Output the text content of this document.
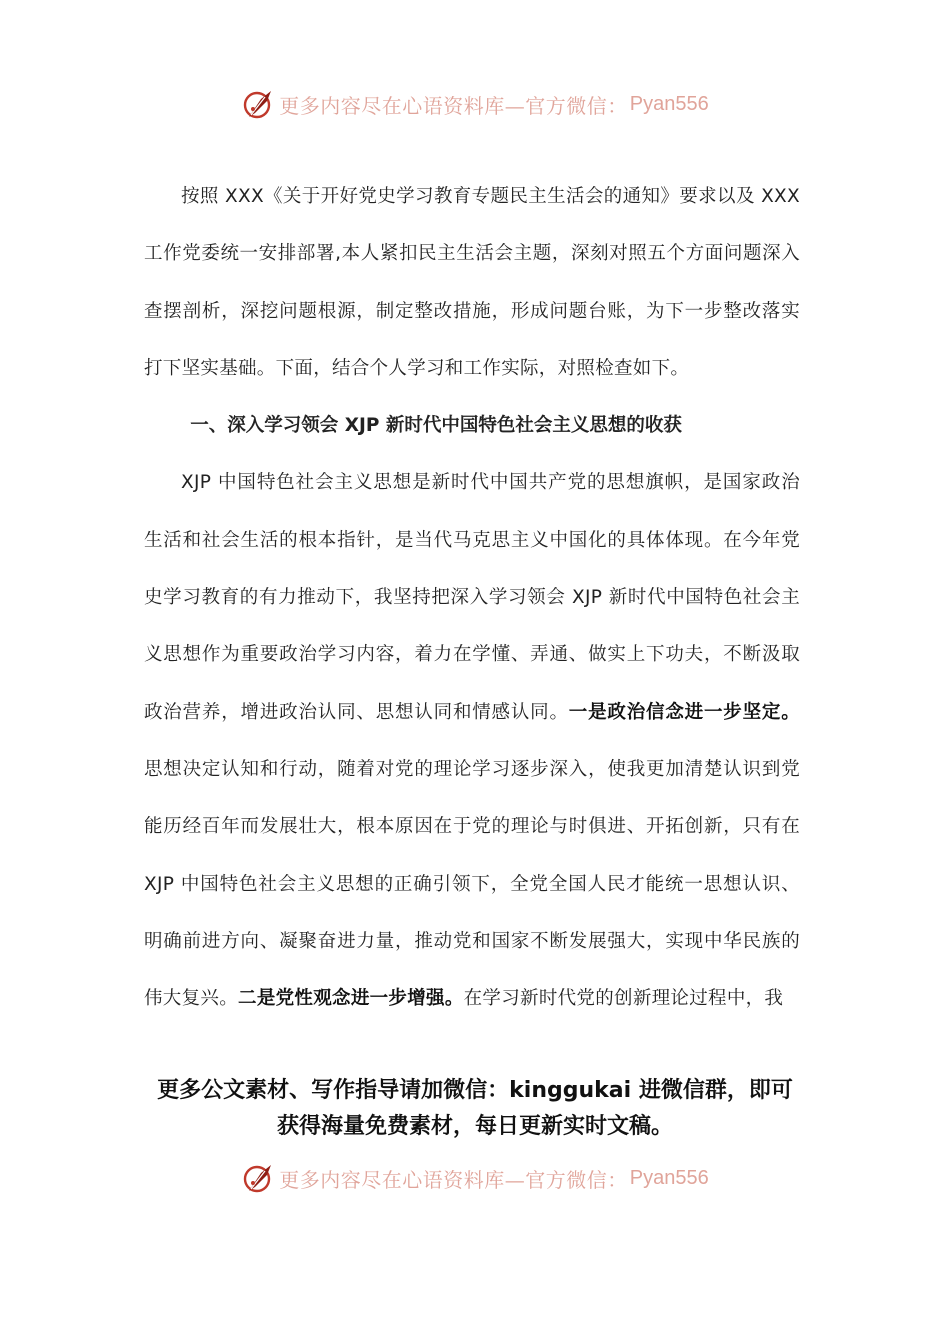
更多内容尽在心语资料库—官方微信： Pyan556

按照 XXX《关于开好党史学习教育专题民主生活会的通知》要求以及 XXX 工作党委统一安排部署,本人紧扣民主生活会主题，深刻对照五个方面问题深入查摆剖析，深挖问题根源，制定整改措施，形成问题台账，为下一步整改落实打下坚实基础。下面，结合个人学习和工作实际，对照检查如下。

一、深入学习领会 XJP 新时代中国特色社会主义思想的收获

XJP 中国特色社会主义思想是新时代中国共产党的思想旗帜，是国家政治生活和社会生活的根本指针，是当代马克思主义中国化的具体体现。在今年党史学习教育的有力推动下，我坚持把深入学习领会 XJP 新时代中国特色社会主义思想作为重要政治学习内容，着力在学懂、弄通、做实上下功夫，不断汲取政治营养，增进政治认同、思想认同和情感认同。一是政治信念进一步坚定。思想决定认知和行动，随着对党的理论学习逐步深入，使我更加清楚认识到党能历经百年而发展壮大，根本原因在于党的理论与时俱进、开拓创新，只有在 XJP 中国特色社会主义思想的正确引领下，全党全国人民才能统一思想认识、明确前进方向、凝聚奋进力量，推动党和国家不断发展强大，实现中华民族的伟大复兴。二是党性观念进一步增强。在学习新时代党的创新理论过程中，我

更多公文素材、写作指导请加微信：kinggukai 进微信群，即可
获得海量免费素材，每日更新实时文稿。
更多内容尽在心语资料库—官方微信： Pyan556
